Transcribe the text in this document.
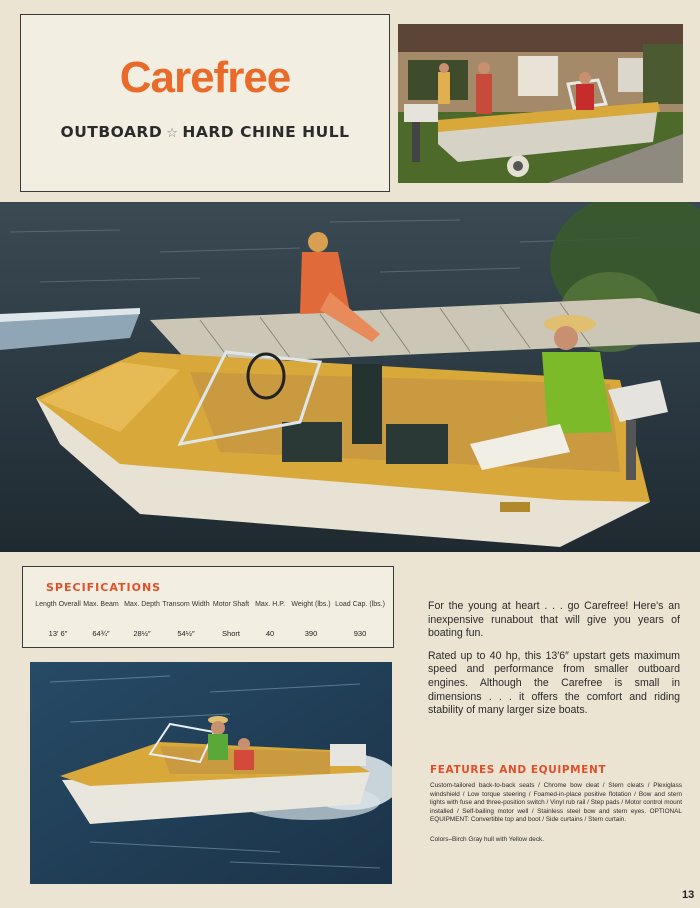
Carefree
OUTBOARD ☆ HARD CHINE HULL
SPECIFICATIONS
Length Overall
13′ 6″
Max. Beam
64¾″
Max. Depth
28½″
Transom Width
54½″
Motor Shaft
Short
Max. H.P.
40
Weight (lbs.)
390
Load Cap. (lbs.)
930

For the young at heart . . . go Carefree! Here's an inexpensive runabout that will give you years of boating fun.

Rated up to 40 hp, this 13′6″ upstart gets maximum speed and performance from smaller outboard engines. Although the Carefree is small in dimensions . . . it offers the comfort and riding stability of many larger size boats.

FEATURES AND EQUIPMENT
Custom-tailored back-to-back seats / Chrome bow cleat / Stern cleats / Plexiglass windshield / Low torque steering / Foamed-in-place positive flotation / Bow and stern lights with fuse and three-position switch / Vinyl rub rail / Step pads / Motor control mount installed / Self-bailing motor well / Stainless steel bow and stern eyes. OPTIONAL EQUIPMENT: Convertible top and boot / Side curtains / Stern curtain.
Colors–Birch Gray hull with Yellow deck.
13
